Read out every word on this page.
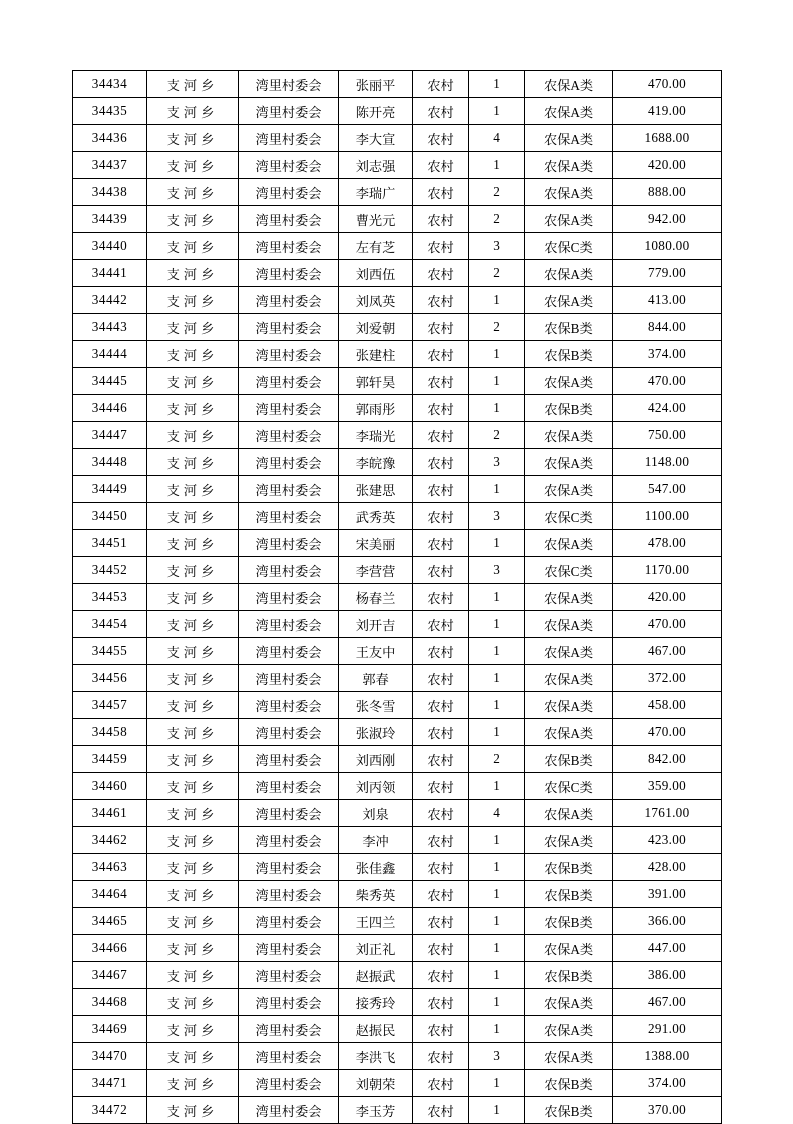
34434	支河乡	湾里村委会	张丽平	农村	1	农保A类	470.00
34435	支河乡	湾里村委会	陈开亮	农村	1	农保A类	419.00
34436	支河乡	湾里村委会	李大宣	农村	4	农保A类	1688.00
34437	支河乡	湾里村委会	刘志强	农村	1	农保A类	420.00
34438	支河乡	湾里村委会	李瑞广	农村	2	农保A类	888.00
34439	支河乡	湾里村委会	曹光元	农村	2	农保A类	942.00
34440	支河乡	湾里村委会	左有芝	农村	3	农保C类	1080.00
34441	支河乡	湾里村委会	刘西伍	农村	2	农保A类	779.00
34442	支河乡	湾里村委会	刘凤英	农村	1	农保A类	413.00
34443	支河乡	湾里村委会	刘爱朝	农村	2	农保B类	844.00
34444	支河乡	湾里村委会	张建柱	农村	1	农保B类	374.00
34445	支河乡	湾里村委会	郭轩昊	农村	1	农保A类	470.00
34446	支河乡	湾里村委会	郭雨彤	农村	1	农保B类	424.00
34447	支河乡	湾里村委会	李瑞光	农村	2	农保A类	750.00
34448	支河乡	湾里村委会	李皖豫	农村	3	农保A类	1148.00
34449	支河乡	湾里村委会	张建思	农村	1	农保A类	547.00
34450	支河乡	湾里村委会	武秀英	农村	3	农保C类	1100.00
34451	支河乡	湾里村委会	宋美丽	农村	1	农保A类	478.00
34452	支河乡	湾里村委会	李营营	农村	3	农保C类	1170.00
34453	支河乡	湾里村委会	杨春兰	农村	1	农保A类	420.00
34454	支河乡	湾里村委会	刘开吉	农村	1	农保A类	470.00
34455	支河乡	湾里村委会	王友中	农村	1	农保A类	467.00
34456	支河乡	湾里村委会	郭春	农村	1	农保A类	372.00
34457	支河乡	湾里村委会	张冬雪	农村	1	农保A类	458.00
34458	支河乡	湾里村委会	张淑玲	农村	1	农保A类	470.00
34459	支河乡	湾里村委会	刘西刚	农村	2	农保B类	842.00
34460	支河乡	湾里村委会	刘丙领	农村	1	农保C类	359.00
34461	支河乡	湾里村委会	刘泉	农村	4	农保A类	1761.00
34462	支河乡	湾里村委会	李冲	农村	1	农保A类	423.00
34463	支河乡	湾里村委会	张佳鑫	农村	1	农保B类	428.00
34464	支河乡	湾里村委会	柴秀英	农村	1	农保B类	391.00
34465	支河乡	湾里村委会	王四兰	农村	1	农保B类	366.00
34466	支河乡	湾里村委会	刘正礼	农村	1	农保A类	447.00
34467	支河乡	湾里村委会	赵振武	农村	1	农保B类	386.00
34468	支河乡	湾里村委会	接秀玲	农村	1	农保A类	467.00
34469	支河乡	湾里村委会	赵振民	农村	1	农保A类	291.00
34470	支河乡	湾里村委会	李洪飞	农村	3	农保A类	1388.00
34471	支河乡	湾里村委会	刘朝荣	农村	1	农保B类	374.00
34472	支河乡	湾里村委会	李玉芳	农村	1	农保B类	370.00
